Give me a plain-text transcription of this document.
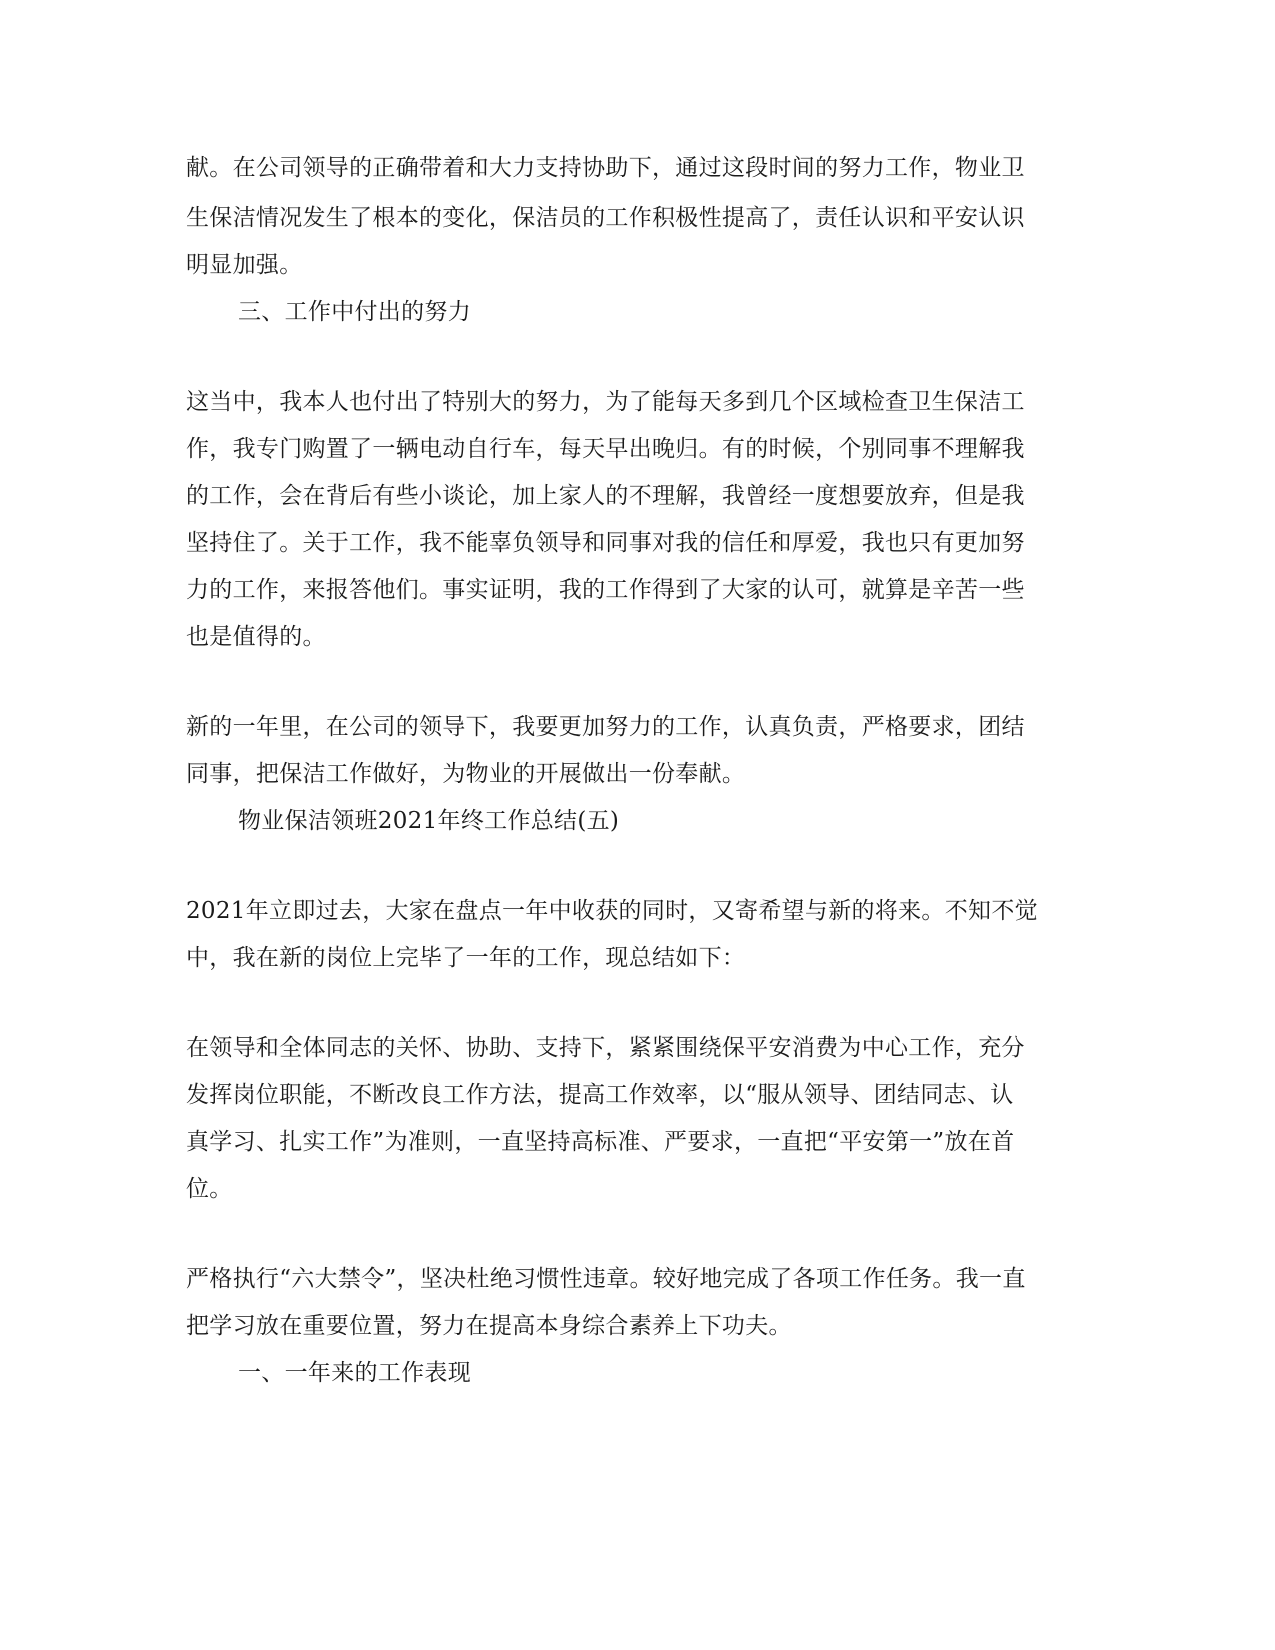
献。在公司领导的正确带着和大力支持协助下，通过这段时间的努力工作，物业卫
生保洁情况发生了根本的变化，保洁员的工作积极性提高了，责任认识和平安认识
明显加强。
三、工作中付出的努力
这当中，我本人也付出了特别大的努力，为了能每天多到几个区域检查卫生保洁工
作，我专门购置了一辆电动自行车，每天早出晚归。有的时候，个别同事不理解我
的工作，会在背后有些小谈论，加上家人的不理解，我曾经一度想要放弃，但是我
坚持住了。关于工作，我不能辜负领导和同事对我的信任和厚爱，我也只有更加努
力的工作，来报答他们。事实证明，我的工作得到了大家的认可，就算是辛苦一些
也是值得的。
新的一年里，在公司的领导下，我要更加努力的工作，认真负责，严格要求，团结
同事，把保洁工作做好，为物业的开展做出一份奉献。
物业保洁领班2021年终工作总结(五)
2021年立即过去，大家在盘点一年中收获的同时，又寄希望与新的将来。不知不觉
中，我在新的岗位上完毕了一年的工作，现总结如下：
在领导和全体同志的关怀、协助、支持下，紧紧围绕保平安消费为中心工作，充分
发挥岗位职能，不断改良工作方法，提高工作效率，以“服从领导、团结同志、认
真学习、扎实工作”为准则，一直坚持高标准、严要求，一直把“平安第一”放在首
位。
严格执行“六大禁令”，坚决杜绝习惯性违章。较好地完成了各项工作任务。我一直
把学习放在重要位置，努力在提高本身综合素养上下功夫。
一、一年来的工作表现
